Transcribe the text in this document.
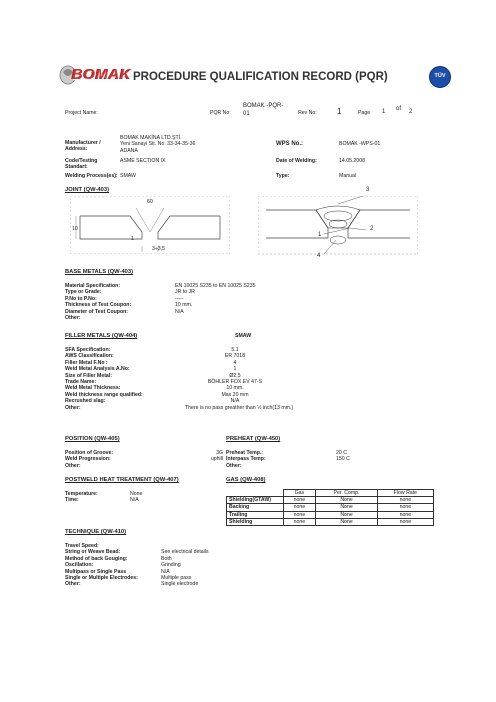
BOMAK PROCEDURE QUALIFICATION RECORD (PQR)	TÜV
Project Name:	PQR No:
BOMAK -PQR-
01	Rev No:	1	Page 1 of 2
Manufacturer /
Address:
BOMAK MAKİNA LTD.ŞTİ.
Yeni Sanayi Sit. No: 33-34-35-36
ADANA
WPS No.:	BOMAK -WPS-01
Code/Testing
Standart:
ASME SECTION IX	Date of Welding:	14.05.2008
Welding Process(es): SMAW	Type:	Manual
JOINT (QW-403)
60
10
1
3÷3,5
3
1
2
4
BASE METALS (QW-403)
Material Specification:	EN 10025 S235 to EN 10025 S235
Type or Grade:	JR to JR
P.No to P.No:	-----
Thickness of Test Coupon:	10 mm.
Diameter of Test Coupon:	N/A
Other:
FILLER METALS (QW-404)	SMAW
SFA Specification:	5.1
AWS Classification:	ER 7018
Filler Metal F.No :	4
Weld Metal Analysis A.No:	1
Size of Filler Metal:	Ø2,5
Trade Name:	BÖHLER FOX EV 47-S
Weld Metal Thickness:	10 mm.
Weld thickness range qualified:	Max 20 mm
Recrushed slag:	N/A
Other:	There is no pass greather than ½ inch(13 mm.)
POSITION (QW-405)
Position of Groove:	3G
Weld Progression:	uphill
Other:
PREHEAT (QW-450)
Preheat Temp.:	20 C
Interpass Temp:	150 C
Other:
POSTWELD HEAT TREATMENT (QW-407)
Temperature:	None
Time:	N/A
GAS (QW-408)
	Gas	Per. Comp.	Flow Rate
Shielding(GTAW)	none	None	none
Backing	none	None	none
Trailing	none	None	none
Shielding	none	None	none
TECHNIQUE (QW-410)
Travel Speed:
String or Weave Bead:	See electrical details
Method of back Gouging:	Both
Oscillation:	Grinding
Multipass or Single Pass	N/A
Single or Multiple Electrodes:	Multiple pass
Other:	Single electrode
